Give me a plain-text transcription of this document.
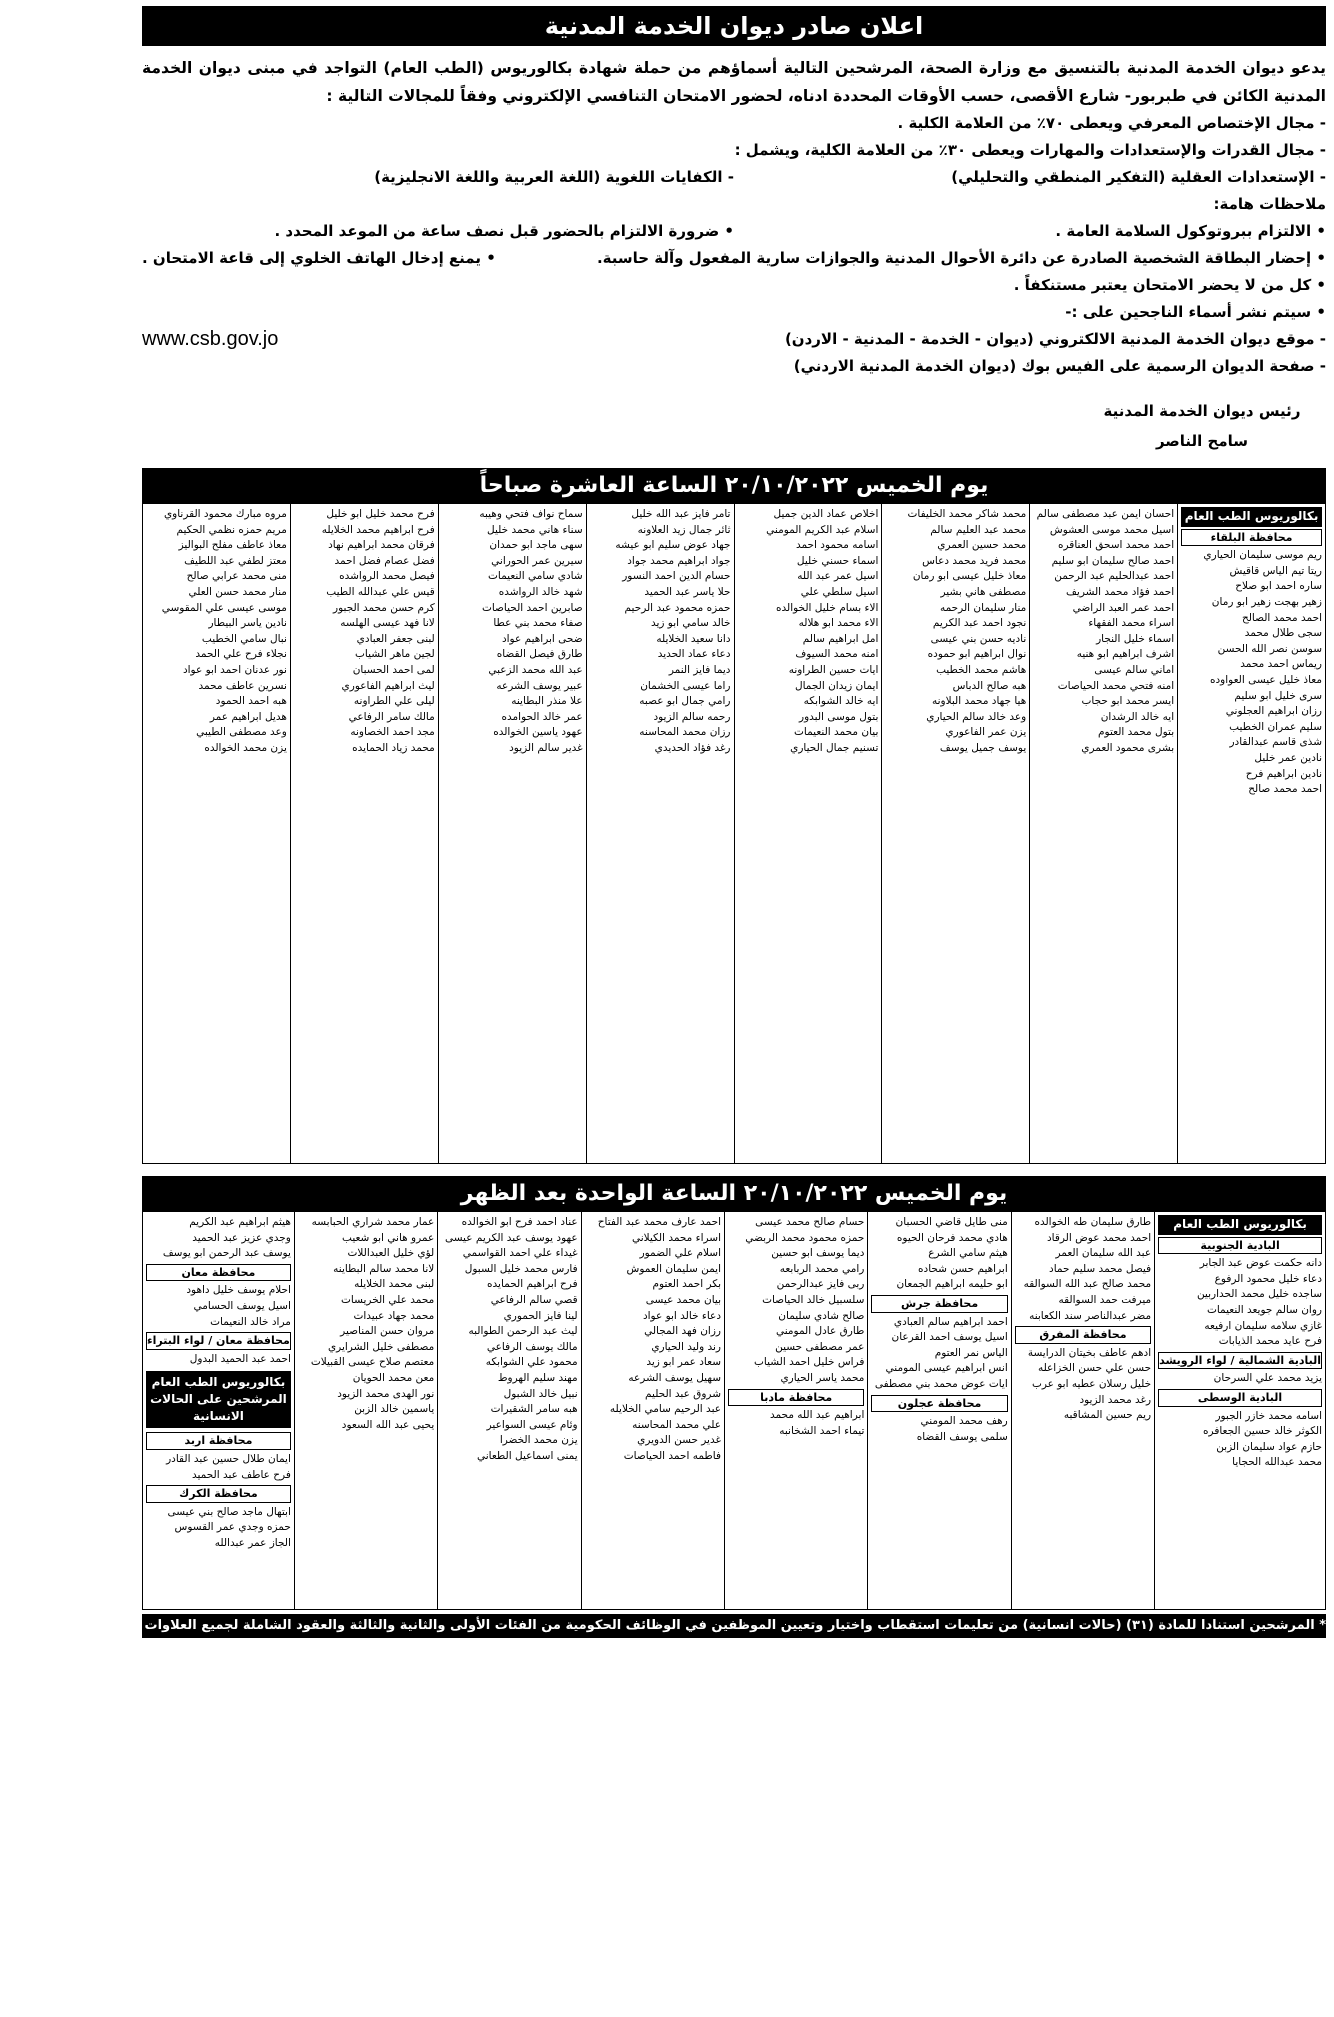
اعلان صادر ديوان الخدمة المدنية

يدعو ديوان الخدمة المدنية بالتنسيق مع وزارة الصحة، المرشحين التالية أسماؤهم من حملة شهادة بكالوريوس (الطب العام) التواجد في مبنى ديوان الخدمة المدنية الكائن في طبربور- شارع الأقصى، حسب الأوقات المحددة ادناه، لحضور الامتحان التنافسي الإلكتروني وفقاً للمجالات التالية :

- مجال الإختصاص المعرفي ويعطى ٧٠٪ من العلامة الكلية .
- مجال القدرات والإستعدادات والمهارات ويعطى ٣٠٪ من العلامة الكلية، ويشمل :
- الإستعدادات العقلية (التفكير المنطقي والتحليلي)
- الكفايات اللغوية (اللغة العربية واللغة الانجليزية)
ملاحظات هامة:
• الالتزام ببروتوكول السلامة العامة .
• ضرورة الالتزام بالحضور قبل نصف ساعة من الموعد المحدد .
• إحضار البطاقة الشخصية الصادرة عن دائرة الأحوال المدنية والجوازات سارية المفعول وآلة حاسبة.
• يمنع إدخال الهاتف الخلوي إلى قاعة الامتحان .
• كل من لا يحضر الامتحان يعتبر مستنكفاً .
• سيتم نشر أسماء الناجحين على :-
- موقع ديوان الخدمة المدنية الالكتروني (ديوان - الخدمة - المدنية - الاردن)
www.csb.gov.jo
- صفحة الديوان الرسمية على الفيس بوك (ديوان الخدمة المدنية الاردني)
رئيس ديوان الخدمة المدنية
سامح الناصر
يوم الخميس ٢٠/١٠/٢٠٢٢ الساعة العاشرة صباحاً
بكالوريوس الطب العام
محافظة البلقاء
ريم موسى سليمان الحياري
ريتا تيم الياس قاقيش
ساره احمد ابو صلاح
زهير بهجت زهير ابو رمان
احمد محمد الصالح
سجى طلال محمد
سوسن نصر الله الحسن
ريماس احمد محمد
معاذ خليل عيسى العواوده
سرى خليل ابو سليم
رزان ابراهيم العجلوني
سليم عمران الخطيب
شذى قاسم عبدالقادر
نادين عمر خليل
نادين ابراهيم فرح
احمد محمد صالح
احسان ايمن عبد مصطفى سالم
اسيل محمد موسى العشوش
احمد محمد اسحق العناقره
احمد صالح سليمان ابو سليم
احمد عبدالحليم عبد الرحمن
احمد فؤاد محمد الشريف
احمد عمر العبد الراضي
اسراء محمد الفقهاء
اسماء خليل النجار
اشرف ابراهيم ابو هنيه
اماني سالم عيسى
امنه فتحي محمد الحياصات
ايسر محمد ابو حجاب
ايه خالد الرشدان
بتول محمد العتوم
بشرى محمود العمري
محمد شاكر محمد الخليفات
محمد عبد العليم سالم
محمد حسين العمري
محمد فريد محمد دعاس
معاذ خليل عيسى ابو رمان
مصطفى هاني بشير
منار سليمان الرحمه
نجود احمد عبد الكريم
ناديه حسن بني عيسى
نوال ابراهيم ابو حموده
هاشم محمد الخطيب
هبه صالح الدباس
هيا جهاد محمد البلاونه
وعد خالد سالم الحياري
يزن عمر الفاعوري
يوسف جميل يوسف
اخلاص عماد الدين جميل
اسلام عبد الكريم المومني
اسامه محمود احمد
اسماء حسني خليل
اسيل عمر عبد الله
اسيل سلطي علي
الاء بسام خليل الخوالده
الاء محمد ابو هلاله
امل ابراهيم سالم
امنه محمد السيوف
ايات حسين الطراونه
ايمان زيدان الجمال
ايه خالد الشوابكه
بتول موسى البدور
بيان محمد النعيمات
تسنيم جمال الحياري
تامر فايز عبد الله خليل
ثائر جمال زيد العلاونه
جهاد عوض سليم ابو عيشه
جواد ابراهيم محمد جواد
حسام الدين احمد النسور
حلا ياسر عبد الحميد
حمزه محمود عبد الرحيم
خالد سامي ابو زيد
دانا سعيد الخلايله
دعاء عماد الحديد
ديما فايز النمر
راما عيسى الخشمان
رامي جمال ابو عصبه
رحمه سالم الزيود
رزان محمد المحاسنه
رغد فؤاد الحديدي
سماح نواف فتحي وهيبه
سناء هاني محمد خليل
سهى ماجد ابو حمدان
سيرين عمر الحوراني
شادي سامي النعيمات
شهد خالد الرواشده
صابرين احمد الحياصات
صفاء محمد بني عطا
ضحى ابراهيم عواد
طارق فيصل القضاه
عبد الله محمد الزعبي
عبير يوسف الشرعه
علا منذر البطاينه
عمر خالد الحوامده
عهود ياسين الخوالده
غدير سالم الزيود
فرح محمد خليل ابو خليل
فرح ابراهيم محمد الخلايله
فرقان محمد ابراهيم نهاد
فضل عصام فضل احمد
فيصل محمد الرواشده
قيس علي عبدالله الطيب
كرم حسن محمد الجبور
لانا فهد عيسى الهلسه
لبنى جعفر العبادي
لجين ماهر الشياب
لمى احمد الحسبان
ليث ابراهيم الفاعوري
ليلى علي الطراونه
مالك سامر الرفاعي
مجد احمد الخصاونه
محمد زياد الحمايده
مروه مبارك محمود القرناوي
مريم حمزه نظمي الحكيم
معاذ عاطف مفلح البواليز
معتز لطفي عبد اللطيف
منى محمد عرابي صالح
منار محمد حسن العلي
موسى عيسى علي المقوسي
نادين ياسر البيطار
نبال سامي الخطيب
نجلاء فرح علي الحمد
نور عدنان احمد ابو عواد
نسرين عاطف محمد
هبه احمد الحمود
هديل ابراهيم عمر
وعد مصطفى الطيبي
يزن محمد الخوالده
يوم الخميس ٢٠/١٠/٢٠٢٢ الساعة الواحدة بعد الظهر
بكالوريوس الطب العام
البادية الجنوبية
دانه حكمت عوض عبد الجابر
دعاء خليل محمود الرفوع
ساجده خليل محمد الحداربين
روان سالم جويعد النعيمات
غازي سلامه سليمان ارفيعه
فرح عايد محمد الذيابات
البادية الشمالية / لواء الرويشد
يزيد محمد علي السرحان
البادية الوسطى
اسامه محمد خازر الجبور
الكوثر خالد حسين الجعافره
حازم عواد سليمان الزبن
محمد عبدالله الحجايا
طارق سليمان طه الخوالده
احمد محمد عوض الرقاد
عبد الله سليمان العمر
فيصل محمد سليم حماد
محمد صالح عبد الله السوالقه
ميرفت حمد السوالقه
مضر عبدالناصر سند الكعابنه
محافظة المفرق
ادهم عاطف بخيتان الدرايسة
حسن علي حسن الخزاعله
خليل رسلان عطيه ابو عرب
رغد محمد الزيود
ريم حسين المشاقبه
منى طايل قاضي الحسبان
هادي محمد فرحان الحيوه
هيثم سامي الشرع
ابراهيم حسن شحاده
ابو حليمه ابراهيم الجمعان
محافظة جرش
احمد ابراهيم سالم العبادي
اسيل يوسف احمد القرعان
الياس نمر العتوم
انس ابراهيم عيسى المومني
ايات عوض محمد بني مصطفى
محافظة عجلون
رهف محمد المومني
سلمى يوسف القضاه
حسام صالح محمد عيسى
حمزه محمود محمد الربضي
ديما يوسف ابو حسين
رامي محمد الربابعه
ربى فايز عبدالرحمن
سلسبيل خالد الحياصات
صالح شادي سليمان
طارق عادل المومني
عمر مصطفى حسين
فراس خليل احمد الشياب
محمد ياسر الحياري
محافظة مادبا
ابراهيم عبد الله محمد
تيماء احمد الشخانبه
احمد عارف محمد عبد الفتاح
اسراء محمد الكيلاني
اسلام علي الضمور
ايمن سليمان العموش
بكر احمد العتوم
بيان محمد عيسى
دعاء خالد ابو عواد
رزان فهد المجالي
رند وليد الحياري
سعاد عمر ابو زيد
سهيل يوسف الشرعه
شروق عبد الحليم
عبد الرحيم سامي الخلايله
علي محمد المحاسنه
غدير حسن الدويري
فاطمه احمد الحياصات
عناد احمد فرح ابو الخوالده
عهود يوسف عبد الكريم عيسى
غيداء علي احمد القواسمي
فارس محمد خليل السبول
فرح ابراهيم الحمايده
قصي سالم الرفاعي
لينا فايز الحموري
ليث عبد الرحمن الطوالبه
مالك يوسف الرفاعي
محمود علي الشوابكه
مهند سليم الهروط
نبيل خالد الشبول
هبه سامر الشقيرات
وئام عيسى السواعير
يزن محمد الخضرا
يمنى اسماعيل الطعاني
عمار محمد شراري الحبابسه
عمرو هاني ابو شعيب
لؤي خليل العبداللات
لانا محمد سالم البطاينه
لبنى محمد الخلايله
محمد علي الخريسات
محمد جهاد عبيدات
مروان حسن المناصير
مصطفى خليل الشرايري
معتصم صلاح عيسى القبيلات
معن محمد الحويان
نور الهدى محمد الزيود
ياسمين خالد الزبن
يحيى عبد الله السعود
هيثم ابراهيم عبد الكريم
وجدي عزيز عبد الحميد
يوسف عبد الرحمن ابو يوسف
محافظة معان
احلام يوسف خليل داهود
اسيل يوسف الحسامي
مراد خالد النعيمات
محافظة معان / لواء البتراء
احمد عبد الحميد البدول
بكالوريوس الطب العام المرشحين على الحالات الانسانية
محافظة اربد
ايمان طلال حسين عبد القادر
فرح عاطف عبد الحميد
محافظة الكرك
ابتهال ماجد صالح بني عيسى
حمزه وجدي عمر القسوس
الجاز عمر عبدالله
* المرشحين استنادا للمادة (٣١) (حالات انسانية) من تعليمات استقطاب واختيار وتعيين الموظفين في الوظائف الحكومية من الفئات الأولى والثانية والثالثة والعقود الشاملة لجميع العلاوات للسنوات (٢٠٢٢-٢٠٢٧)
